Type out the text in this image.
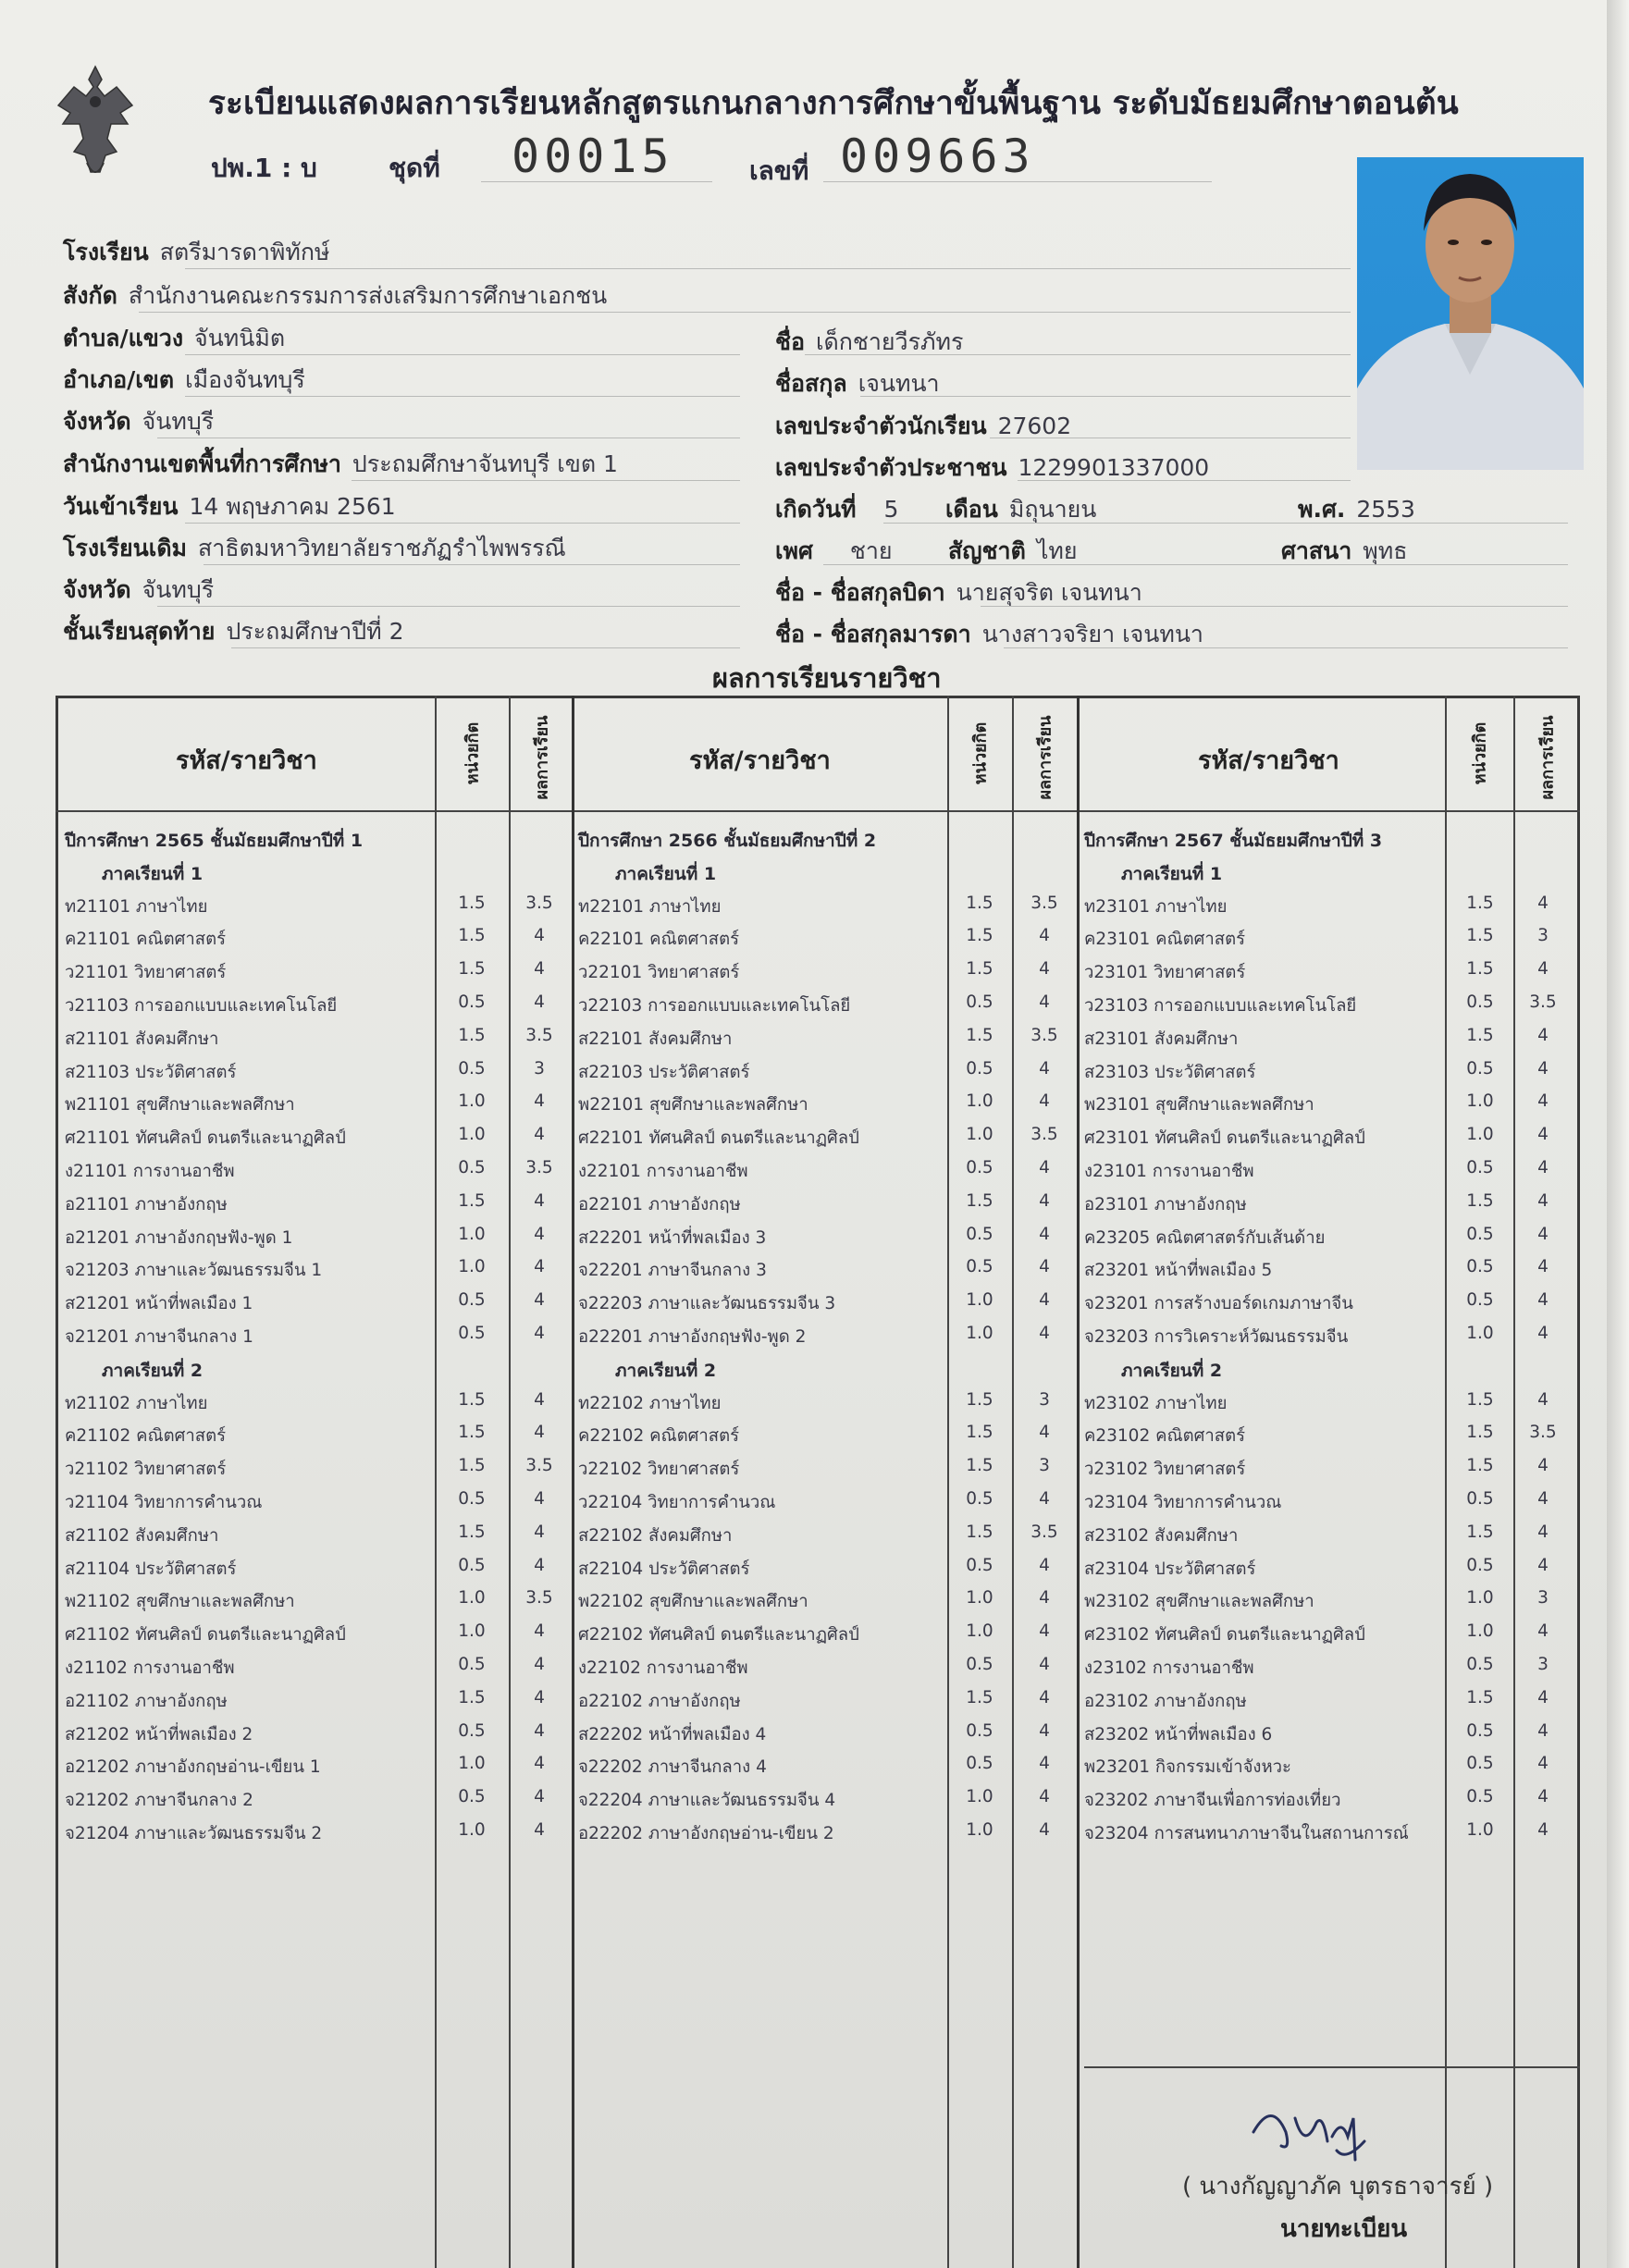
ระเบียนแสดงผลการเรียนหลักสูตรแกนกลางการศึกษาขั้นพื้นฐาน ระดับมัธยมศึกษาตอนต้น
ปพ.1 : บ	ชุดที่ 00015	เลขที่ 009663
โรงเรียน สตรีมารดาพิทักษ์
สังกัด สำนักงานคณะกรรมการส่งเสริมการศึกษาเอกชน
ตำบล/แขวง จันทนิมิต
อำเภอ/เขต เมืองจันทบุรี
จังหวัด จันทบุรี
สำนักงานเขตพื้นที่การศึกษา ประถมศึกษาจันทบุรี เขต 1
วันเข้าเรียน 14 พฤษภาคม 2561
โรงเรียนเดิม สาธิตมหาวิทยาลัยราชภัฏรำไพพรรณี
จังหวัด จันทบุรี
ชั้นเรียนสุดท้าย ประถมศึกษาปีที่ 2
ชื่อ เด็กชายวีรภัทร
ชื่อสกุล เจนทนา
เลขประจำตัวนักเรียน 27602
เลขประจำตัวประชาชน 1229901337000
เกิดวันที่ 5 เดือน มิถุนายน	พ.ศ. 2553
เพศ ชาย สัญชาติ ไทย	ศาสนา พุทธ
ชื่อ - ชื่อสกุลบิดา นายสุจริต เจนทนา
ชื่อ - ชื่อสกุลมารดา นางสาวจริยา เจนทนา
ผลการเรียนรายวิชา
รหัส/รายวิชา	รหัส/รายวิชา	รหัส/รายวิชา
หน่วยกิต	ผลการเรียน	หน่วยกิต	ผลการเรียน	หน่วยกิต	ผลการเรียน
ปีการศึกษา 2565 ชั้นมัธยมศึกษาปีที่ 1
ภาคเรียนที่ 1
ท21101 ภาษาไทย	1.5	3.5
ค21101 คณิตศาสตร์	1.5	4
ว21101 วิทยาศาสตร์	1.5	4
ว21103 การออกแบบและเทคโนโลยี	0.5	4
ส21101 สังคมศึกษา	1.5	3.5
ส21103 ประวัติศาสตร์	0.5	3
พ21101 สุขศึกษาและพลศึกษา	1.0	4
ศ21101 ทัศนศิลป์ ดนตรีและนาฏศิลป์	1.0	4
ง21101 การงานอาชีพ	0.5	3.5
อ21101 ภาษาอังกฤษ	1.5	4
อ21201 ภาษาอังกฤษฟัง-พูด 1	1.0	4
จ21203 ภาษาและวัฒนธรรมจีน 1	1.0	4
ส21201 หน้าที่พลเมือง 1	0.5	4
จ21201 ภาษาจีนกลาง 1	0.5	4
ภาคเรียนที่ 2
ท21102 ภาษาไทย	1.5	4
ค21102 คณิตศาสตร์	1.5	4
ว21102 วิทยาศาสตร์	1.5	3.5
ว21104 วิทยาการคำนวณ	0.5	4
ส21102 สังคมศึกษา	1.5	4
ส21104 ประวัติศาสตร์	0.5	4
พ21102 สุขศึกษาและพลศึกษา	1.0	3.5
ศ21102 ทัศนศิลป์ ดนตรีและนาฏศิลป์	1.0	4
ง21102 การงานอาชีพ	0.5	4
อ21102 ภาษาอังกฤษ	1.5	4
ส21202 หน้าที่พลเมือง 2	0.5	4
อ21202 ภาษาอังกฤษอ่าน-เขียน 1	1.0	4
จ21202 ภาษาจีนกลาง 2	0.5	4
จ21204 ภาษาและวัฒนธรรมจีน 2	1.0	4
ปีการศึกษา 2566 ชั้นมัธยมศึกษาปีที่ 2
ภาคเรียนที่ 1
ท22101 ภาษาไทย	1.5	3.5
ค22101 คณิตศาสตร์	1.5	4
ว22101 วิทยาศาสตร์	1.5	4
ว22103 การออกแบบและเทคโนโลยี	0.5	4
ส22101 สังคมศึกษา	1.5	3.5
ส22103 ประวัติศาสตร์	0.5	4
พ22101 สุขศึกษาและพลศึกษา	1.0	4
ศ22101 ทัศนศิลป์ ดนตรีและนาฏศิลป์	1.0	3.5
ง22101 การงานอาชีพ	0.5	4
อ22101 ภาษาอังกฤษ	1.5	4
ส22201 หน้าที่พลเมือง 3	0.5	4
จ22201 ภาษาจีนกลาง 3	0.5	4
จ22203 ภาษาและวัฒนธรรมจีน 3	1.0	4
อ22201 ภาษาอังกฤษฟัง-พูด 2	1.0	4
ภาคเรียนที่ 2
ท22102 ภาษาไทย	1.5	3
ค22102 คณิตศาสตร์	1.5	4
ว22102 วิทยาศาสตร์	1.5	3
ว22104 วิทยาการคำนวณ	0.5	4
ส22102 สังคมศึกษา	1.5	3.5
ส22104 ประวัติศาสตร์	0.5	4
พ22102 สุขศึกษาและพลศึกษา	1.0	4
ศ22102 ทัศนศิลป์ ดนตรีและนาฏศิลป์	1.0	4
ง22102 การงานอาชีพ	0.5	4
อ22102 ภาษาอังกฤษ	1.5	4
ส22202 หน้าที่พลเมือง 4	0.5	4
จ22202 ภาษาจีนกลาง 4	0.5	4
จ22204 ภาษาและวัฒนธรรมจีน 4	1.0	4
อ22202 ภาษาอังกฤษอ่าน-เขียน 2	1.0	4
ปีการศึกษา 2567 ชั้นมัธยมศึกษาปีที่ 3
ภาคเรียนที่ 1
ท23101 ภาษาไทย	1.5	4
ค23101 คณิตศาสตร์	1.5	3
ว23101 วิทยาศาสตร์	1.5	4
ว23103 การออกแบบและเทคโนโลยี	0.5	3.5
ส23101 สังคมศึกษา	1.5	4
ส23103 ประวัติศาสตร์	0.5	4
พ23101 สุขศึกษาและพลศึกษา	1.0	4
ศ23101 ทัศนศิลป์ ดนตรีและนาฏศิลป์	1.0	4
ง23101 การงานอาชีพ	0.5	4
อ23101 ภาษาอังกฤษ	1.5	4
ค23205 คณิตศาสตร์กับเส้นด้าย	0.5	4
ส23201 หน้าที่พลเมือง 5	0.5	4
จ23201 การสร้างบอร์ดเกมภาษาจีน	0.5	4
จ23203 การวิเคราะห์วัฒนธรรมจีน	1.0	4
ภาคเรียนที่ 2
ท23102 ภาษาไทย	1.5	4
ค23102 คณิตศาสตร์	1.5	3.5
ว23102 วิทยาศาสตร์	1.5	4
ว23104 วิทยาการคำนวณ	0.5	4
ส23102 สังคมศึกษา	1.5	4
ส23104 ประวัติศาสตร์	0.5	4
พ23102 สุขศึกษาและพลศึกษา	1.0	3
ศ23102 ทัศนศิลป์ ดนตรีและนาฏศิลป์	1.0	4
ง23102 การงานอาชีพ	0.5	3
อ23102 ภาษาอังกฤษ	1.5	4
ส23202 หน้าที่พลเมือง 6	0.5	4
พ23201 กิจกรรมเข้าจังหวะ	0.5	4
จ23202 ภาษาจีนเพื่อการท่องเที่ยว	0.5	4
จ23204 การสนทนาภาษาจีนในสถานการณ์	1.0	4
( นางกัญญาภัค บุตรธาจารย์ )
นายทะเบียน
